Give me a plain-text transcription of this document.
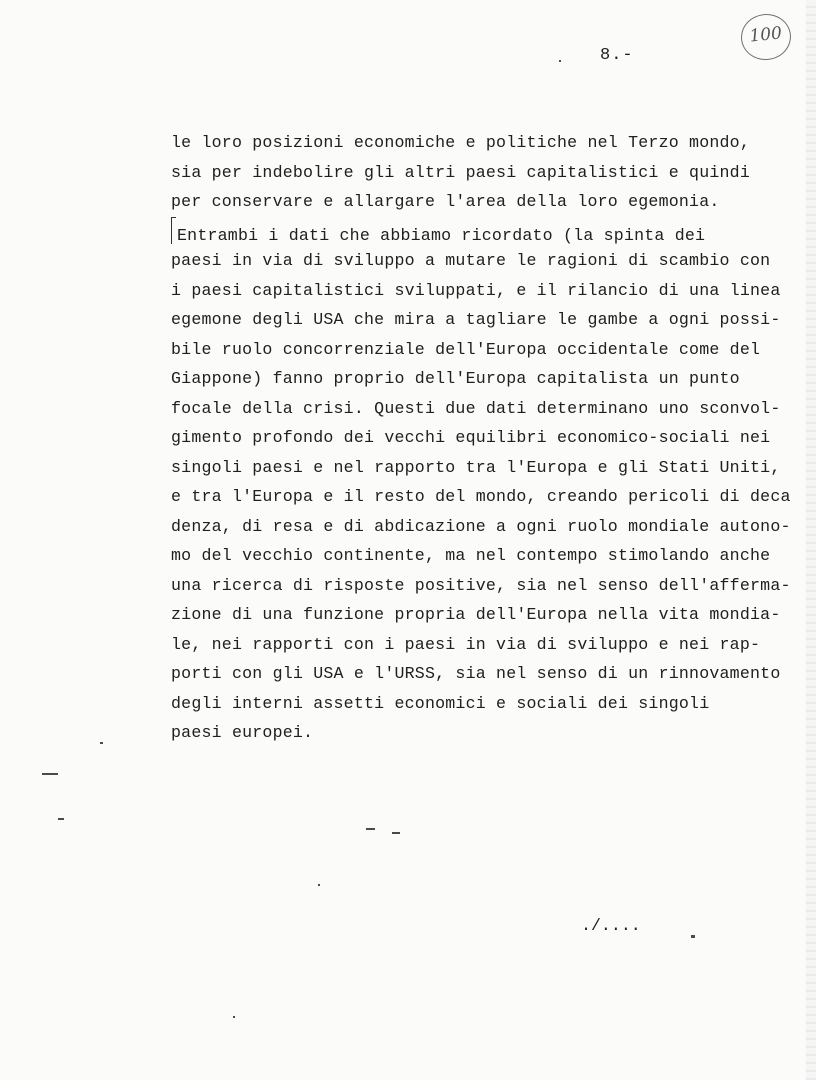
8.-
100
le loro posizioni economiche e politiche nel Terzo mondo,
sia per indebolire gli altri paesi capitalistici e quindi
per conservare e allargare l'area della loro egemonia.
Entrambi i dati che abbiamo ricordato (la spinta dei
paesi in via di sviluppo a mutare le ragioni di scambio con
i paesi capitalistici sviluppati, e il rilancio di una linea
egemone degli USA che mira a tagliare le gambe a ogni possi-
bile ruolo concorrenziale dell'Europa occidentale come del
Giappone) fanno proprio dell'Europa capitalista un punto
focale della crisi. Questi due dati determinano uno sconvol-
gimento profondo dei vecchi equilibri economico-sociali nei
singoli paesi e nel rapporto tra l'Europa e gli Stati Uniti,
e tra l'Europa e il resto del mondo, creando pericoli di deca
denza, di resa e di abdicazione a ogni ruolo mondiale autono-
mo del vecchio continente, ma nel contempo stimolando anche
una ricerca di risposte positive, sia nel senso dell'afferma-
zione di una funzione propria dell'Europa nella vita mondia-
le, nei rapporti con i paesi in via di sviluppo e nei rap-
porti con gli USA e l'URSS, sia nel senso di un rinnovamento
degli interni assetti economici e sociali dei singoli
paesi europei.
./....
